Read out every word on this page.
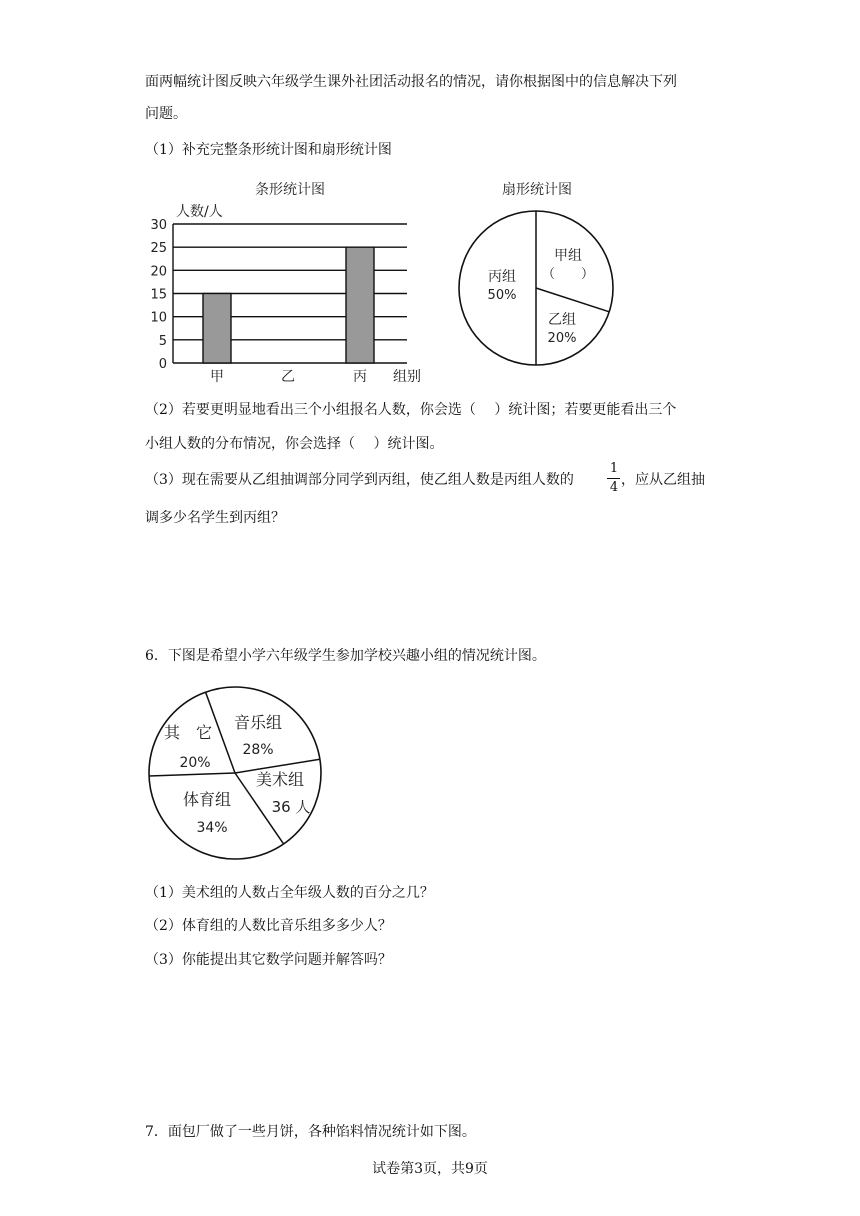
面两幅统计图反映六年级学生课外社团活动报名的情况，请你根据图中的信息解决下列
问题。
（1）补充完整条形统计图和扇形统计图
条形统计图
人数/人
0
5
10
15
20
25
30
甲	乙	丙 组别
扇形统计图
甲组
（　　）
乙组
20%
丙组
50%
（2）若要更明显地看出三个小组报名人数，你会选（　 ）统计图；若要更能看出三个
小组人数的分布情况，你会选择（　 ）统计图。
（3）现在需要从乙组抽调部分同学到丙组，使乙组人数是丙组人数的
1
4 ，应从乙组抽
调多少名学生到丙组？
6．下图是希望小学六年级学生参加学校兴趣小组的情况统计图。
音乐组
28%
美术组
36 人
体育组
34%
其　它
20%
（1）美术组的人数占全年级人数的百分之几？
（2）体育组的人数比音乐组多多少人？
（3）你能提出其它数学问题并解答吗？
7．面包厂做了一些月饼，各种馅料情况统计如下图。
试卷第3页，共9页
